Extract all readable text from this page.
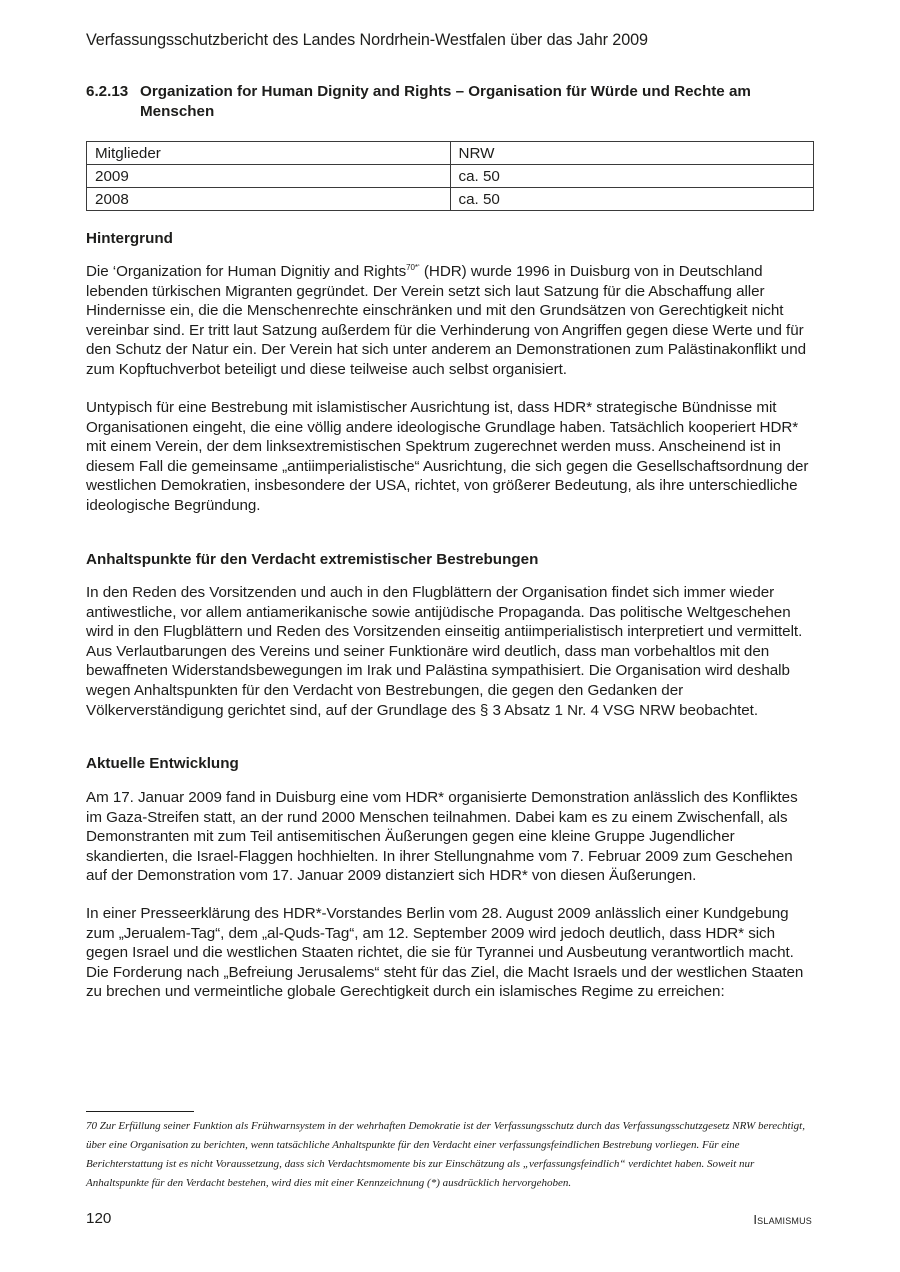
Verfassungsschutzbericht des Landes Nordrhein-Westfalen über das Jahr 2009
6.2.13 Organization for Human Dignity and Rights – Organisation für Würde und Rechte am Menschen
Mitglieder	NRW
2009	ca. 50
2008	ca. 50
Hintergrund

Die ‘Organization for Human Dignitiy and Rights$^{70*‘}$ (HDR) wurde 1996 in Duisburg von in Deutschland lebenden türkischen Migranten gegründet. Der Verein setzt sich laut Satzung für die Abschaffung aller Hindernisse ein, die die Menschenrechte einschränken und mit den Grundsätzen von Gerechtigkeit nicht vereinbar sind. Er tritt laut Satzung außerdem für die Verhinderung von Angriffen gegen diese Werte und für den Schutz der Natur ein. Der Verein hat sich unter anderem an Demonstrationen zum Palästinakonflikt und zum Kopftuchverbot beteiligt und diese teilweise auch selbst organisiert.

Untypisch für eine Bestrebung mit islamistischer Ausrichtung ist, dass HDR* strategische Bündnisse mit Organisationen eingeht, die eine völlig andere ideologische Grundlage haben. Tatsächlich kooperiert HDR* mit einem Verein, der dem linksextremistischen Spektrum zugerechnet werden muss. Anscheinend ist in diesem Fall die gemeinsame „antiimperialistische“ Ausrichtung, die sich gegen die Gesellschaftsordnung der westlichen Demokratien, insbesondere der USA, richtet, von größerer Bedeutung, als ihre unterschiedliche ideologische Begründung.

Anhaltspunkte für den Verdacht extremistischer Bestrebungen

In den Reden des Vorsitzenden und auch in den Flugblättern der Organisation findet sich immer wieder antiwestliche, vor allem antiamerikanische sowie antijüdische Propaganda. Das politische Weltgeschehen wird in den Flugblättern und Reden des Vorsitzenden einseitig antiimperialistisch interpretiert und vermittelt. Aus Verlautbarungen des Vereins und seiner Funktionäre wird deutlich, dass man vorbehaltlos mit den bewaffneten Widerstandsbewegungen im Irak und Palästina sympathisiert. Die Organisation wird deshalb wegen Anhaltspunkten für den Verdacht von Bestrebungen, die gegen den Gedanken der Völkerverständigung gerichtet sind, auf der Grundlage des § 3 Absatz 1 Nr. 4 VSG NRW beobachtet.

Aktuelle Entwicklung

Am 17. Januar 2009 fand in Duisburg eine vom HDR* organisierte Demonstration anlässlich des Konfliktes im Gaza-Streifen statt, an der rund 2000 Menschen teilnahmen. Dabei kam es zu einem Zwischenfall, als Demonstranten mit zum Teil antisemitischen Äußerungen gegen eine kleine Gruppe Jugendlicher skandierten, die Israel-Flaggen hochhielten. In ihrer Stellungnahme vom 7. Februar 2009 zum Geschehen auf der Demonstration vom 17. Januar 2009 distanziert sich HDR* von diesen Äußerungen.

In einer Presseerklärung des HDR*-Vorstandes Berlin vom 28. August 2009 anlässlich einer Kundgebung zum „Jerualem-Tag“, dem „al-Quds-Tag“, am 12. September 2009 wird jedoch deutlich, dass HDR* sich gegen Israel und die westlichen Staaten richtet, die sie für Tyrannei und Ausbeutung verantwortlich macht. Die Forderung nach „Befreiung Jerusalems“ steht für das Ziel, die Macht Israels und der westlichen Staaten zu brechen und vermeintliche globale Gerechtigkeit durch ein islamisches Regime zu erreichen:

70 Zur Erfüllung seiner Funktion als Frühwarnsystem in der wehrhaften Demokratie ist der Verfassungsschutz durch das Verfassungsschutzgesetz NRW berechtigt, über eine Organisation zu berichten, wenn tatsächliche Anhaltspunkte für den Verdacht einer verfassungsfeindlichen Bestrebung vorliegen. Für eine Berichterstattung ist es nicht Voraussetzung, dass sich Verdachtsmomente bis zur Einschätzung als „verfassungsfeindlich“ verdichtet haben. Soweit nur Anhaltspunkte für den Verdacht bestehen, wird dies mit einer Kennzeichnung (*) ausdrücklich hervorgehoben.

120	Islamismus
